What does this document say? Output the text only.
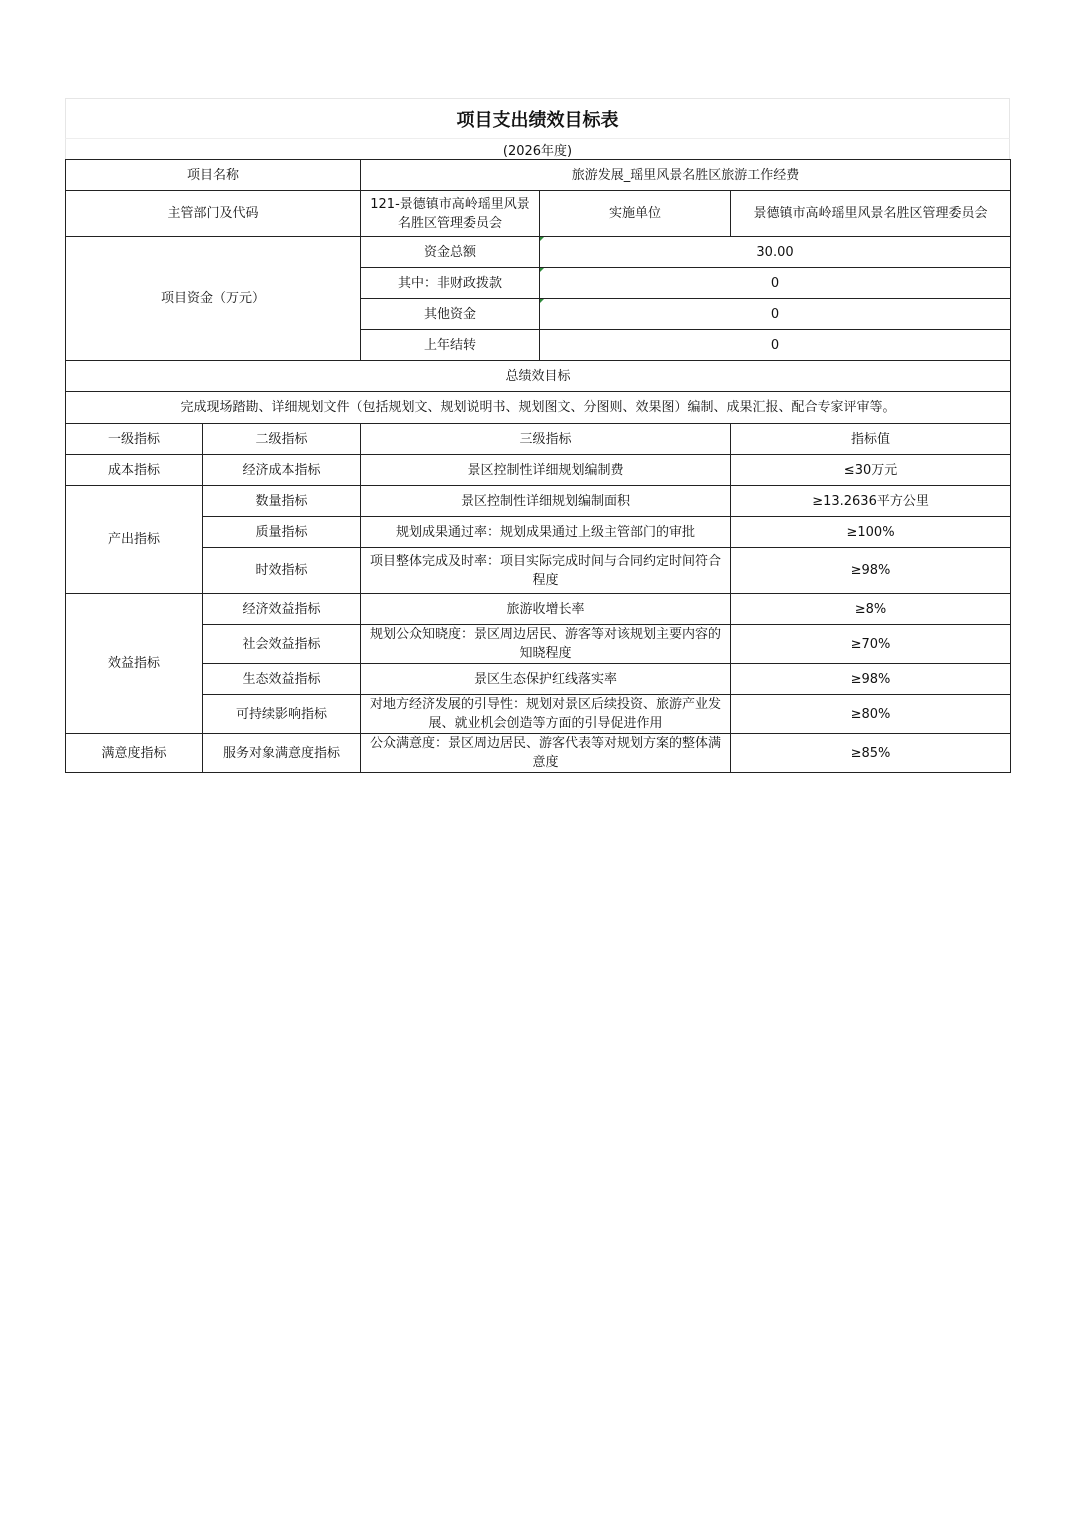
项目支出绩效目标表
(2026年度)
项目名称		旅游发展_瑶里风景名胜区旅游工作经费		
主管部门及代码		121-景德镇市高岭瑶里风景名胜区管理委员会	实施单位	景德镇市高岭瑶里风景名胜区管理委员会
项目资金（万元）		资金总额	30.00	
		其中：非财政拨款	0	
		其他资金	0	
		上年结转	0	
总绩效目标				
完成现场踏勘、详细规划文件（包括规划文、规划说明书、规划图文、分图则、效果图）编制、成果汇报、配合专家评审等。				
一级指标	二级指标	三级指标		指标值
成本指标	经济成本指标	景区控制性详细规划编制费		≤30万元
产出指标	数量指标	景区控制性详细规划编制面积		≥13.2636平方公里
	质量指标	规划成果通过率：规划成果通过上级主管部门的审批		≥100%
	时效指标	项目整体完成及时率：项目实际完成时间与合同约定时间符合程度		≥98%
效益指标	经济效益指标	旅游收增长率		≥8%
	社会效益指标	规划公众知晓度：景区周边居民、游客等对该规划主要内容的知晓程度		≥70%
	生态效益指标	景区生态保护红线落实率		≥98%
	可持续影响指标	对地方经济发展的引导性：规划对景区后续投资、旅游产业发展、就业机会创造等方面的引导促进作用		≥80%
满意度指标	服务对象满意度指标	公众满意度：景区周边居民、游客代表等对规划方案的整体满意度		≥85%
